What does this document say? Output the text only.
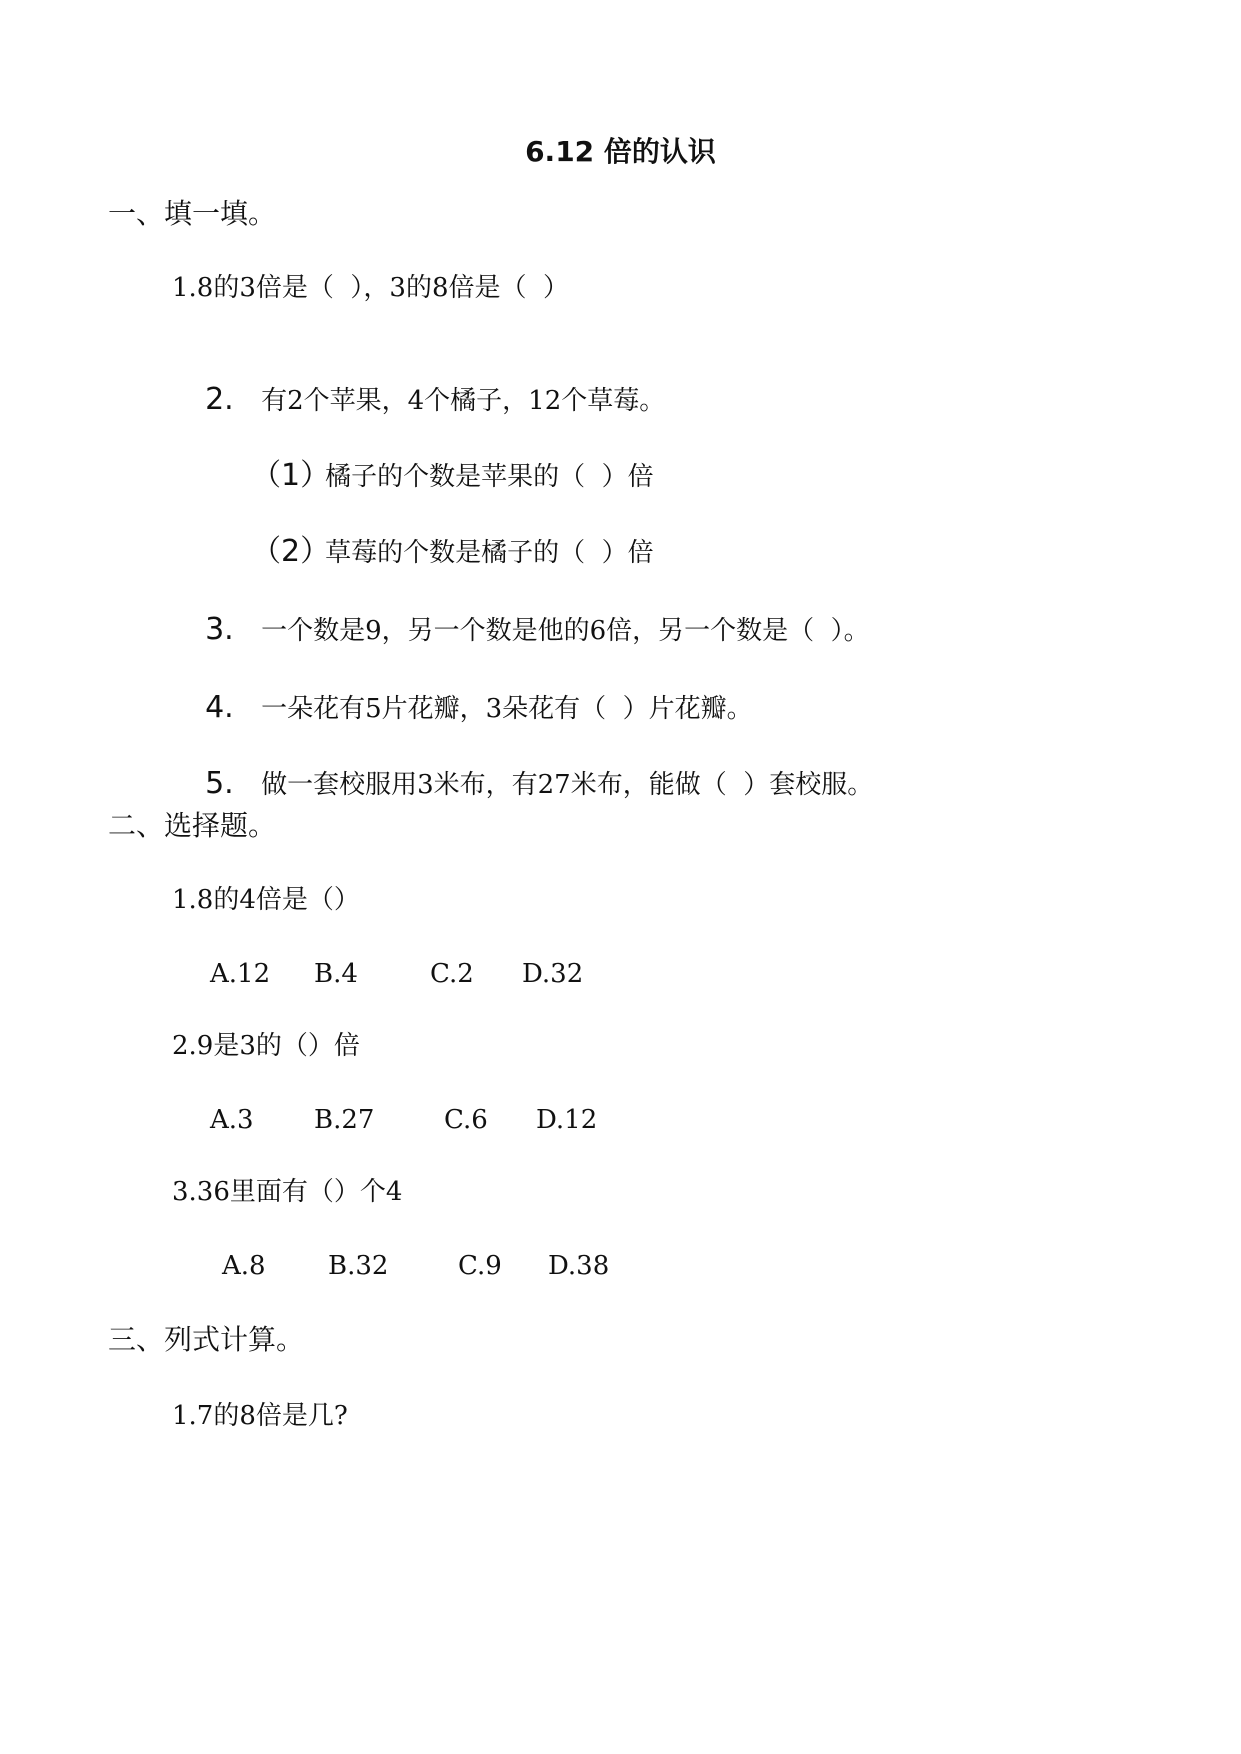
6.12 倍的认识
一、填一填。
1.8的3倍是（  ），3的8倍是（  ）

2. 有2个苹果，4个橘子，12个草莓。

（1）橘子的个数是苹果的（  ）倍

（2）草莓的个数是橘子的（  ）倍

3. 一个数是9，另一个数是他的6倍，另一个数是（  ）。

4. 一朵花有5片花瓣，3朵花有（  ）片花瓣。

5. 做一套校服用3米布，有27米布，能做（  ）套校服。

二、选择题。
1.8的4倍是（）
A.12 B.4	C.2 D.32
2.9是3的（）倍
A.3 B.27	C.6 D.12
3.36里面有（）个4
A.8 B.32	C.9 D.38
三、列式计算。
1.7的8倍是几?
